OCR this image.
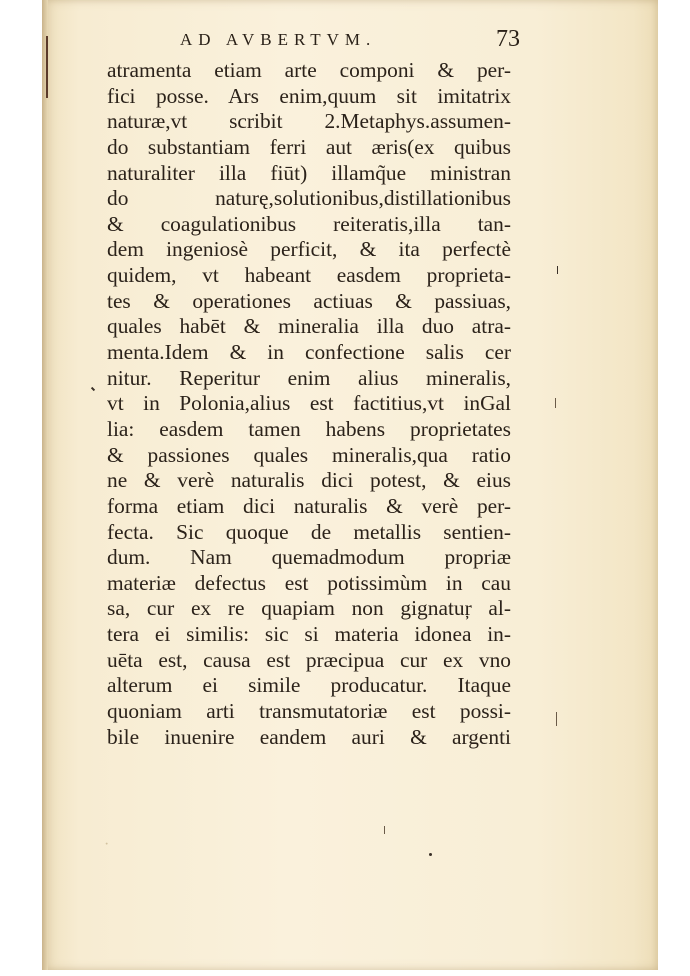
AD AVBERTVM.	73
atramenta etiam arte componi & per-
fici posse. Ars enim,quum sit imitatrix
naturæ,vt scribit 2.Metaphys.assumen-
do substantiam ferri aut æris(ex quibus
naturaliter illa fiūt) illamq̃ue ministran
do naturę,solutionibus,distillationibus
& coagulationibus reiteratis,illa tan-
dem ingeniosè perficit, & ita perfectè
quidem, vt habeant easdem proprieta-
tes & operationes actiuas & passiuas,
quales habēt & mineralia illa duo atra-
menta.Idem & in confectione salis cer
nitur. Reperitur enim alius mineralis,
vt in Polonia,alius est factitius,vt inGal
lia: easdem tamen habens proprietates
& passiones quales mineralis,qua ratio
ne & verè naturalis dici potest, & eius
forma etiam dici naturalis & verè per-
fecta. Sic quoque de metallis sentien-
dum. Nam quemadmodum propriæ
materiæ defectus est potissimùm in cau
sa, cur ex re quapiam non gignatuŗ al-
tera ei similis: sic si materia idonea in-
uēta est, causa est præcipua cur ex vno
alterum ei simile producatur. Itaque
quoniam arti transmutatoriæ est possi-
bile inuenire eandem auri & argenti
·
